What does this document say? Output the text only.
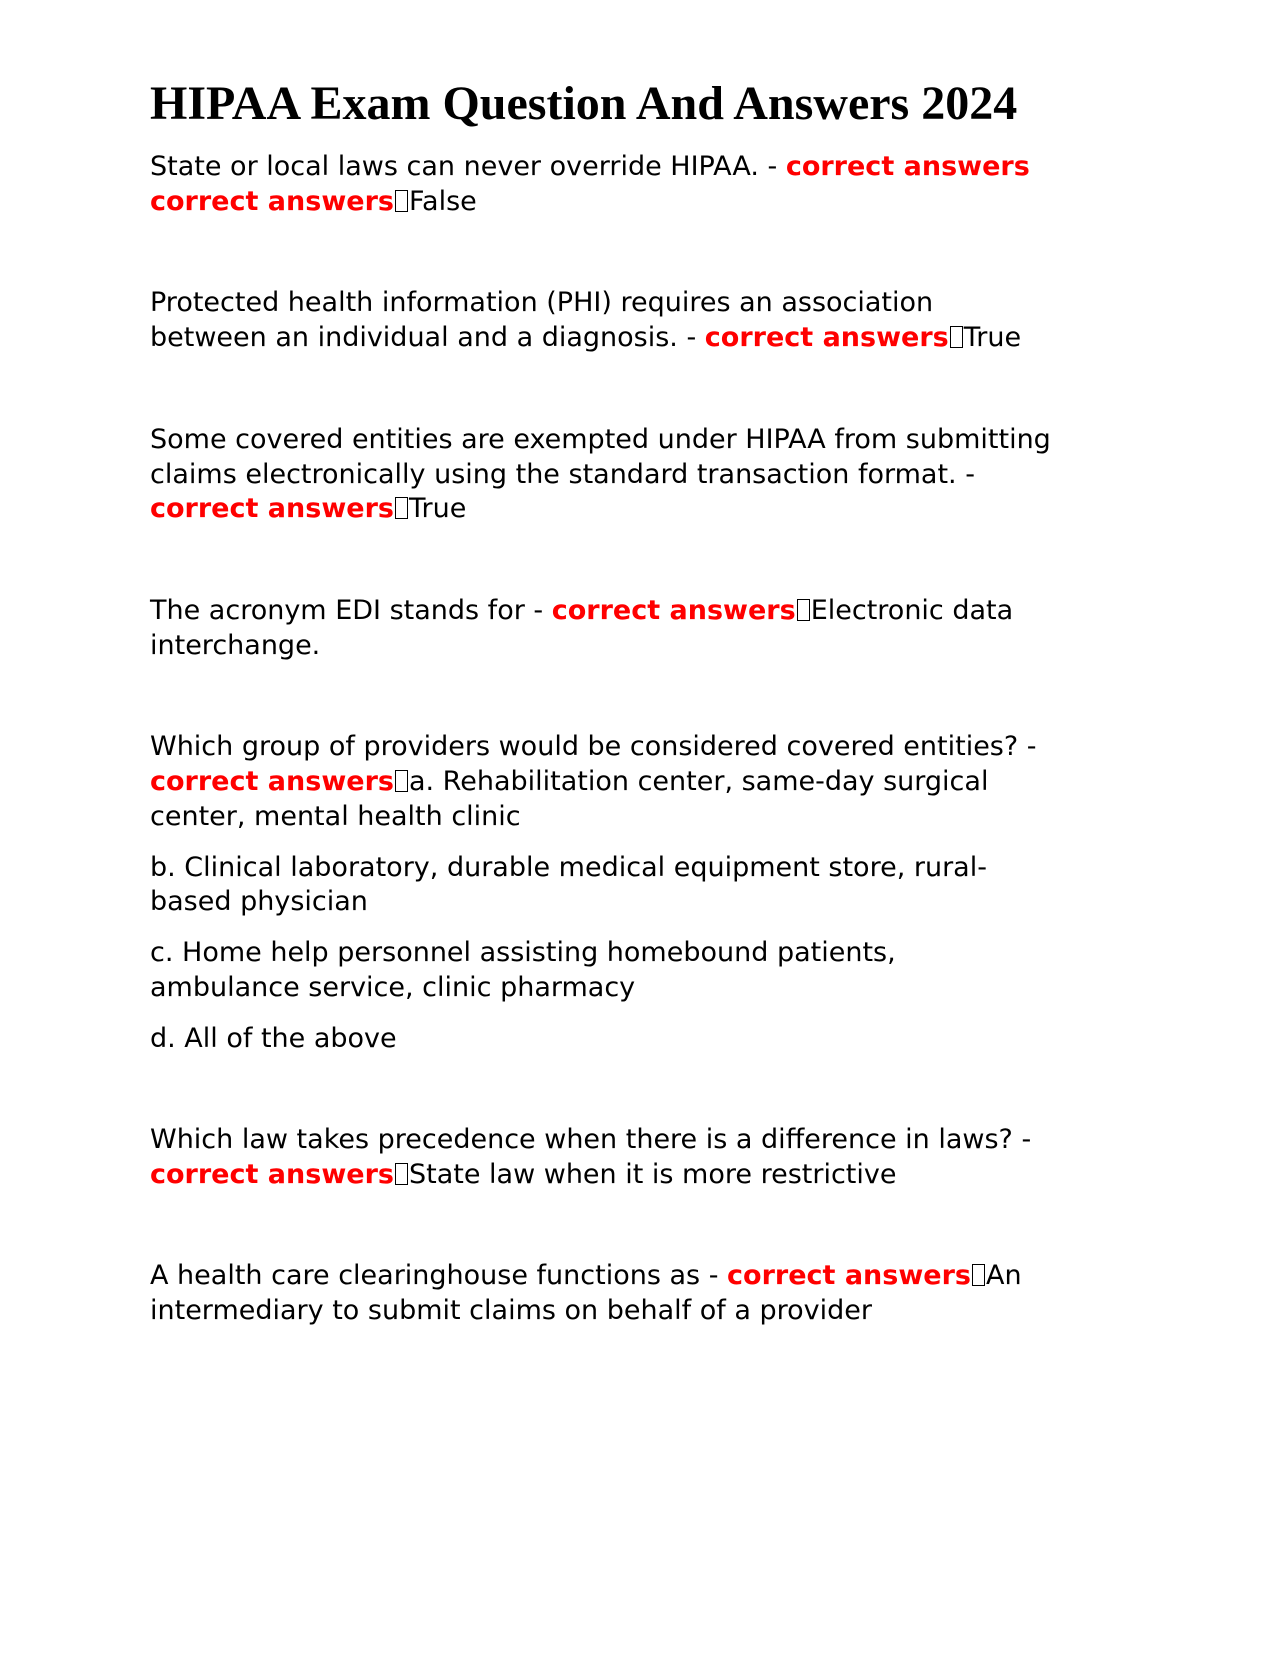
HIPAA Exam Question And Answers 2024
State or local laws can never override HIPAA. - correct answers
correct answers False
Protected health information (PHI) requires an association
between an individual and a diagnosis. - correct answers True
Some covered entities are exempted under HIPAA from submitting
claims electronically using the standard transaction format. -
correct answers True
The acronym EDI stands for - correct answers Electronic data
interchange.
Which group of providers would be considered covered entities? -
correct answers a. Rehabilitation center, same-day surgical
center, mental health clinic
b. Clinical laboratory, durable medical equipment store, rural-
based physician
c. Home help personnel assisting homebound patients,
ambulance service, clinic pharmacy
d. All of the above
Which law takes precedence when there is a difference in laws? -
correct answers State law when it is more restrictive
A health care clearinghouse functions as - correct answers An
intermediary to submit claims on behalf of a provider
